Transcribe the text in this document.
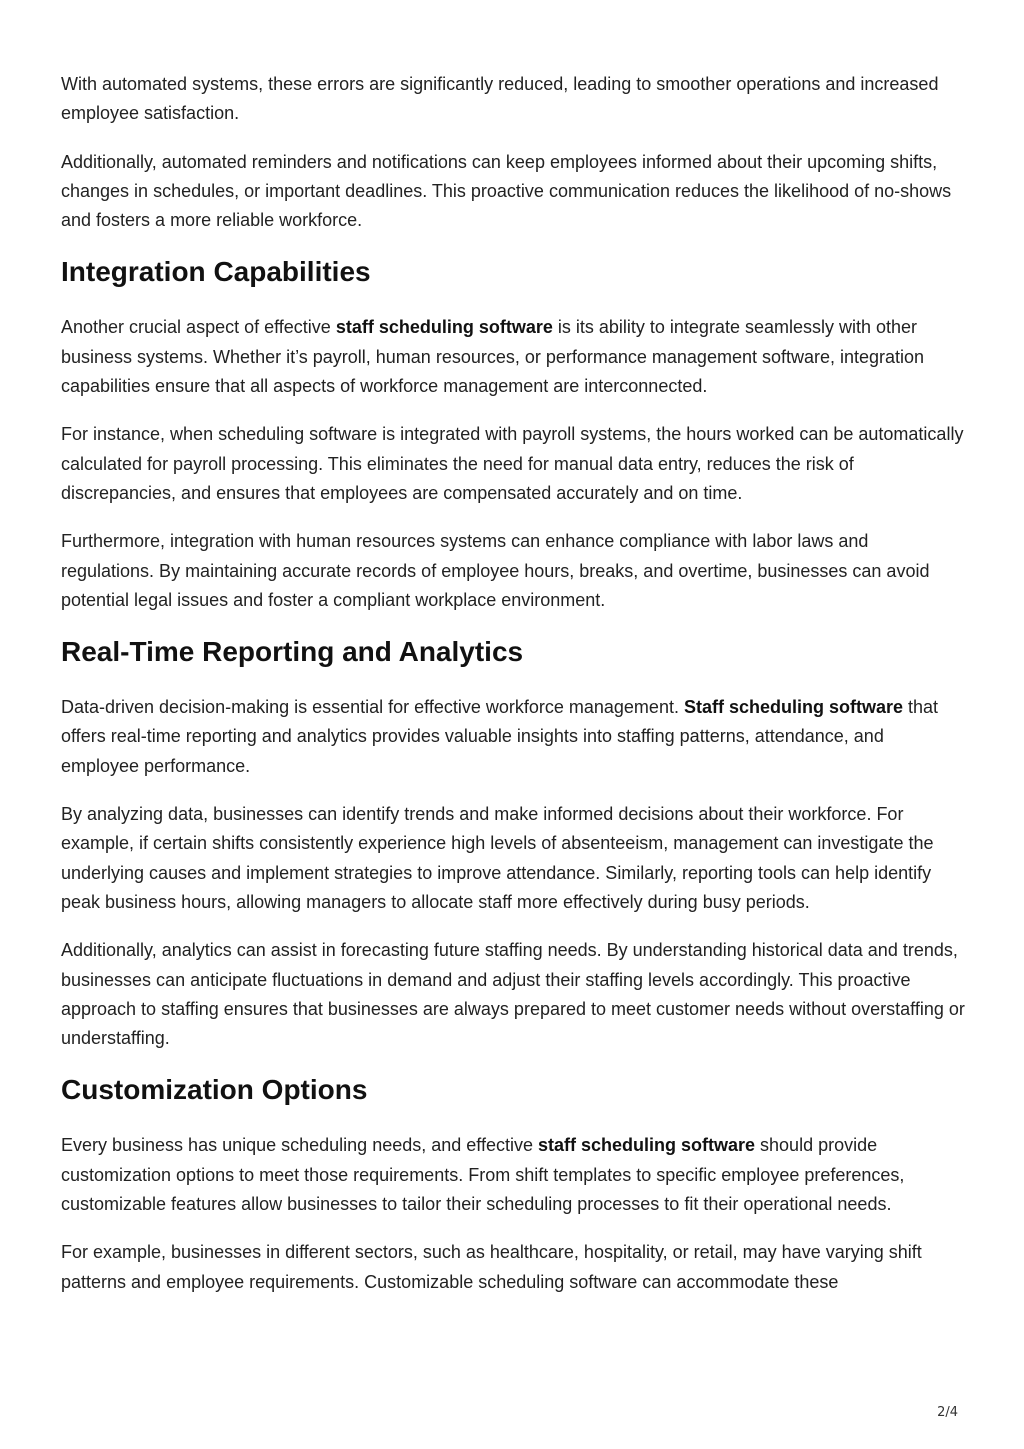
With automated systems, these errors are significantly reduced, leading to smoother operations and increased employee satisfaction.

Additionally, automated reminders and notifications can keep employees informed about their upcoming shifts, changes in schedules, or important deadlines. This proactive communication reduces the likelihood of no-shows and fosters a more reliable workforce.

Integration Capabilities

Another crucial aspect of effective staff scheduling software is its ability to integrate seamlessly with other business systems. Whether it’s payroll, human resources, or performance management software, integration capabilities ensure that all aspects of workforce management are interconnected.

For instance, when scheduling software is integrated with payroll systems, the hours worked can be automatically calculated for payroll processing. This eliminates the need for manual data entry, reduces the risk of discrepancies, and ensures that employees are compensated accurately and on time.

Furthermore, integration with human resources systems can enhance compliance with labor laws and regulations. By maintaining accurate records of employee hours, breaks, and overtime, businesses can avoid potential legal issues and foster a compliant workplace environment.

Real-Time Reporting and Analytics

Data-driven decision-making is essential for effective workforce management. Staff scheduling software that offers real-time reporting and analytics provides valuable insights into staffing patterns, attendance, and employee performance.

By analyzing data, businesses can identify trends and make informed decisions about their workforce. For example, if certain shifts consistently experience high levels of absenteeism, management can investigate the underlying causes and implement strategies to improve attendance. Similarly, reporting tools can help identify peak business hours, allowing managers to allocate staff more effectively during busy periods.

Additionally, analytics can assist in forecasting future staffing needs. By understanding historical data and trends, businesses can anticipate fluctuations in demand and adjust their staffing levels accordingly. This proactive approach to staffing ensures that businesses are always prepared to meet customer needs without overstaffing or understaffing.

Customization Options

Every business has unique scheduling needs, and effective staff scheduling software should provide customization options to meet those requirements. From shift templates to specific employee preferences, customizable features allow businesses to tailor their scheduling processes to fit their operational needs.

For example, businesses in different sectors, such as healthcare, hospitality, or retail, may have varying shift patterns and employee requirements. Customizable scheduling software can accommodate these

2/4
